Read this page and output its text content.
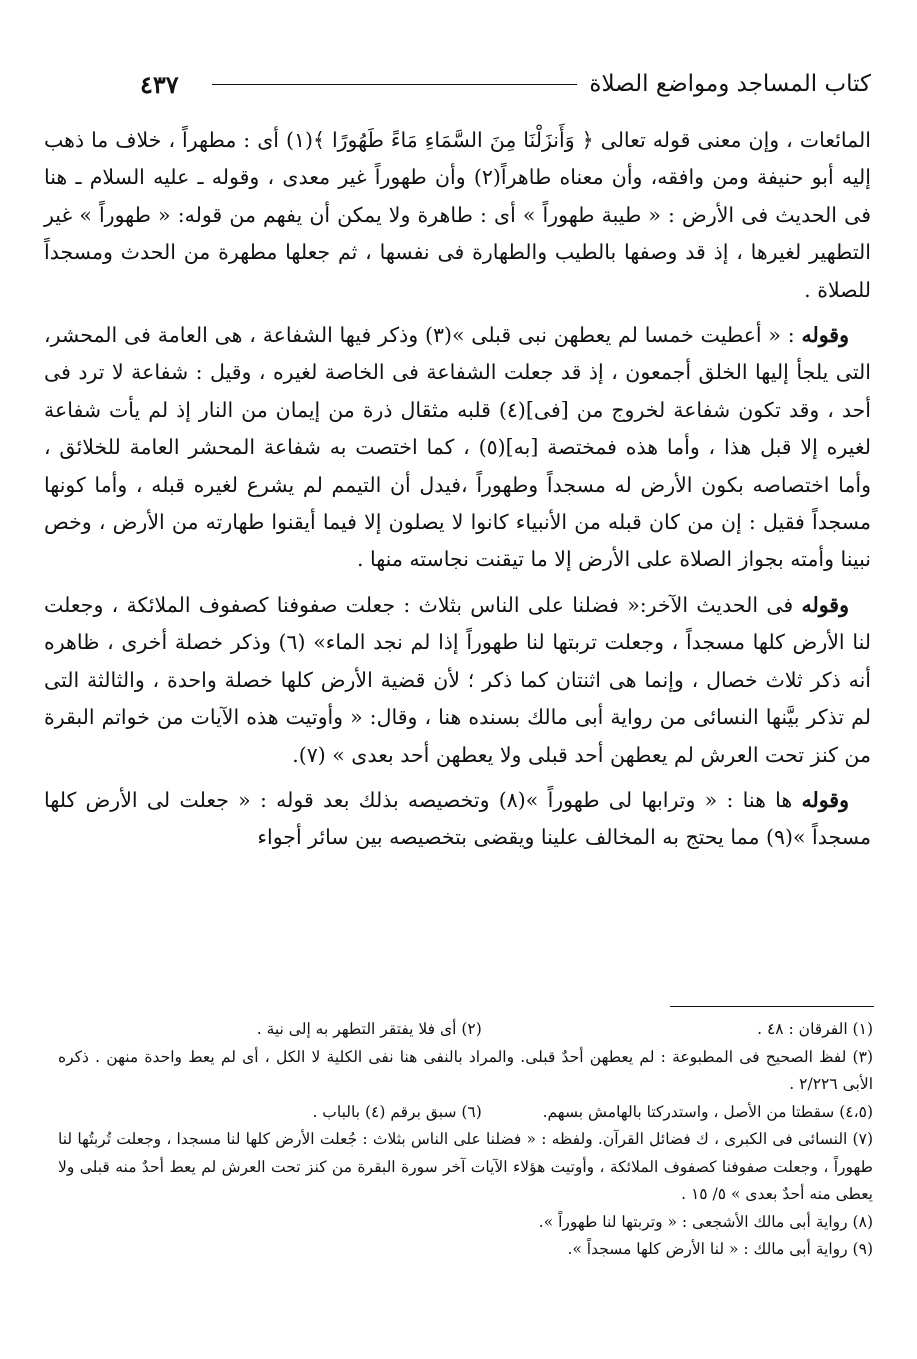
٤٣٧	كتاب المساجد ومواضع الصلاة

المائعات ، وإن معنى قوله تعالى ﴿ وَأَنزَلْنَا مِنَ السَّمَاءِ مَاءً طَهُورًا ﴾(١) أى : مطهراً ، خلاف ما ذهب إليه أبو حنيفة ومن وافقه، وأن معناه طاهراً(٢) وأن طهوراً غير معدى ، وقوله ـ عليه السلام ـ هنا فى الحديث فى الأرض : « طيبة طهوراً » أى : طاهرة ولا يمكن أن يفهم من قوله: « طهوراً » غير التطهير لغيرها ، إذ قد وصفها بالطيب والطهارة فى نفسها ، ثم جعلها مطهرة من الحدث ومسجداً للصلاة .

وقوله : « أعطيت خمسا لم يعطهن نبى قبلى »(٣) وذكر فيها الشفاعة ، هى العامة فى المحشر، التى يلجأ إليها الخلق أجمعون ، إذ قد جعلت الشفاعة فى الخاصة لغيره ، وقيل : شفاعة لا ترد فى أحد ، وقد تكون شفاعة لخروج من [فى](٤) قلبه مثقال ذرة من إيمان من النار إذ لم يأت شفاعة لغيره إلا قبل هذا ، وأما هذه فمختصة [به](٥) ، كما اختصت به شفاعة المحشر العامة للخلائق ، وأما اختصاصه بكون الأرض له مسجداً وطهوراً ،فيدل أن التيمم لم يشرع لغيره قبله ، وأما كونها مسجداً فقيل : إن من كان قبله من الأنبياء كانوا لا يصلون إلا فيما أيقنوا طهارته من الأرض ، وخص نبينا وأمته بجواز الصلاة على الأرض إلا ما تيقنت نجاسته منها .

وقوله فى الحديث الآخر:« فضلنا على الناس بثلاث : جعلت صفوفنا كصفوف الملائكة ، وجعلت لنا الأرض كلها مسجداً ، وجعلت تربتها لنا طهوراً إذا لم نجد الماء» (٦) وذكر خصلة أخرى ، ظاهره أنه ذكر ثلاث خصال ، وإنما هى اثنتان كما ذكر ؛ لأن قضية الأرض كلها خصلة واحدة ، والثالثة التى لم تذكر بيَّنها النسائى من رواية أبى مالك بسنده هنا ، وقال: « وأوتيت هذه الآيات من خواتم البقرة من كنز تحت العرش لم يعطهن أحد قبلى ولا يعطهن أحد بعدى » (٧).

وقوله ها هنا : « وترابها لى طهوراً »(٨) وتخصيصه بذلك بعد قوله : « جعلت لى الأرض كلها مسجداً »(٩) مما يحتج به المخالف علينا ويقضى بتخصيصه بين سائر أجواء

(١) الفرقان : ٤٨ .
(٢) أى فلا يفتقر التطهر به إلى نية .

(٣) لفظ الصحيح فى المطبوعة : لم يعطهن أحدٌ قبلى. والمراد بالنفى هنا نفى الكلية لا الكل ، أى لم يعط واحدة منهن . ذكره الأبى ٢/٢٢٦ .

(٤،٥) سقطتا من الأصل ، واستدركتا بالهامش بسهم.
(٦) سبق برقم (٤) بالباب .

(٧) النسائى فى الكبرى ، ك فضائل القرآن. ولفظه : « فضلنا على الناس بثلاث : جُعلت الأرض كلها لنا مسجدا ، وجعلت تُربتُها لنا طهوراً ، وجعلت صفوفنا كصفوف الملائكة ، وأوتيت هؤلاء الآيات آخر سورة البقرة من كنز تحت العرش لم يعط أحدٌ منه قبلى ولا يعطى منه أحدٌ بعدى » ٥/ ١٥ .

(٨) رواية أبى مالك الأشجعى : « وتربتها لنا طهوراً ».

(٩) رواية أبى مالك : « لنا الأرض كلها مسجداً ».
